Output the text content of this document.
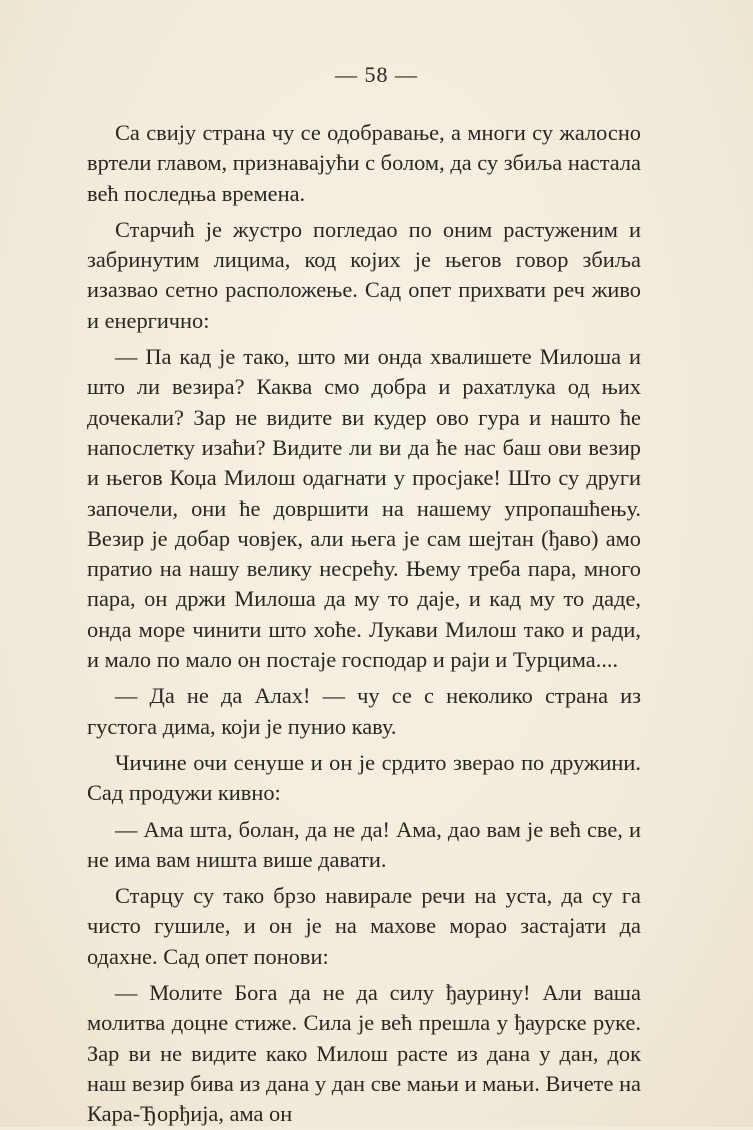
— 58 —

Са свију страна чу се одобравање, а многи су жалосно вртели главом, признавајући с болом, да су збиља настала већ последња времена.

Старчић је жустро погледао по оним растуженим и забринутим лицима, код којих је његов говор збиља изазвао сетно расположење. Сад опет прихвати реч живо и енергично:

— Па кад је тако, што ми онда хвалишете Милоша и што ли везира? Каква смо добра и рахатлука од њих дочекали? Зар не видите ви кудер ово гура и нашто ће напослетку изаћи? Видите ли ви да ће нас баш ови везир и његов Коџа Милош одагнати у просјаке! Што су други започели, они ће довршити на нашему упропашћењу. Везир је добар човјек, али њега је сам шејтан (ђаво) амо пратио на нашу велику несрећу. Њему треба пара, много пара, он држи Милоша да му то даје, и кад му то даде, онда море чинити што хоће. Лукави Милош тако и ради, и мало по мало он постаје господар и раји и Турцима....

— Да не да Алах! — чу се с неколико страна из густога дима, који је пунио каву.

Чичине очи сенуше и он је срдито зверао по дружини. Сад продужи кивно:

— Ама шта, болан, да не да! Ама, дао вам је већ све, и не има вам ништа више давати.

Старцу су тако брзо навирале речи на уста, да су га чисто гушиле, и он је на махове морао застајати да одахне. Сад опет понови:

— Молите Бога да не да силу ђаурину! Али ваша молитва доцне стиже. Сила је већ прешла у ђаурске руке. Зар ви не видите како Милош расте из дана у дан, док наш везир бива из дана у дан све мањи и мањи. Вичете на Кара-Ђорђија, ама он
